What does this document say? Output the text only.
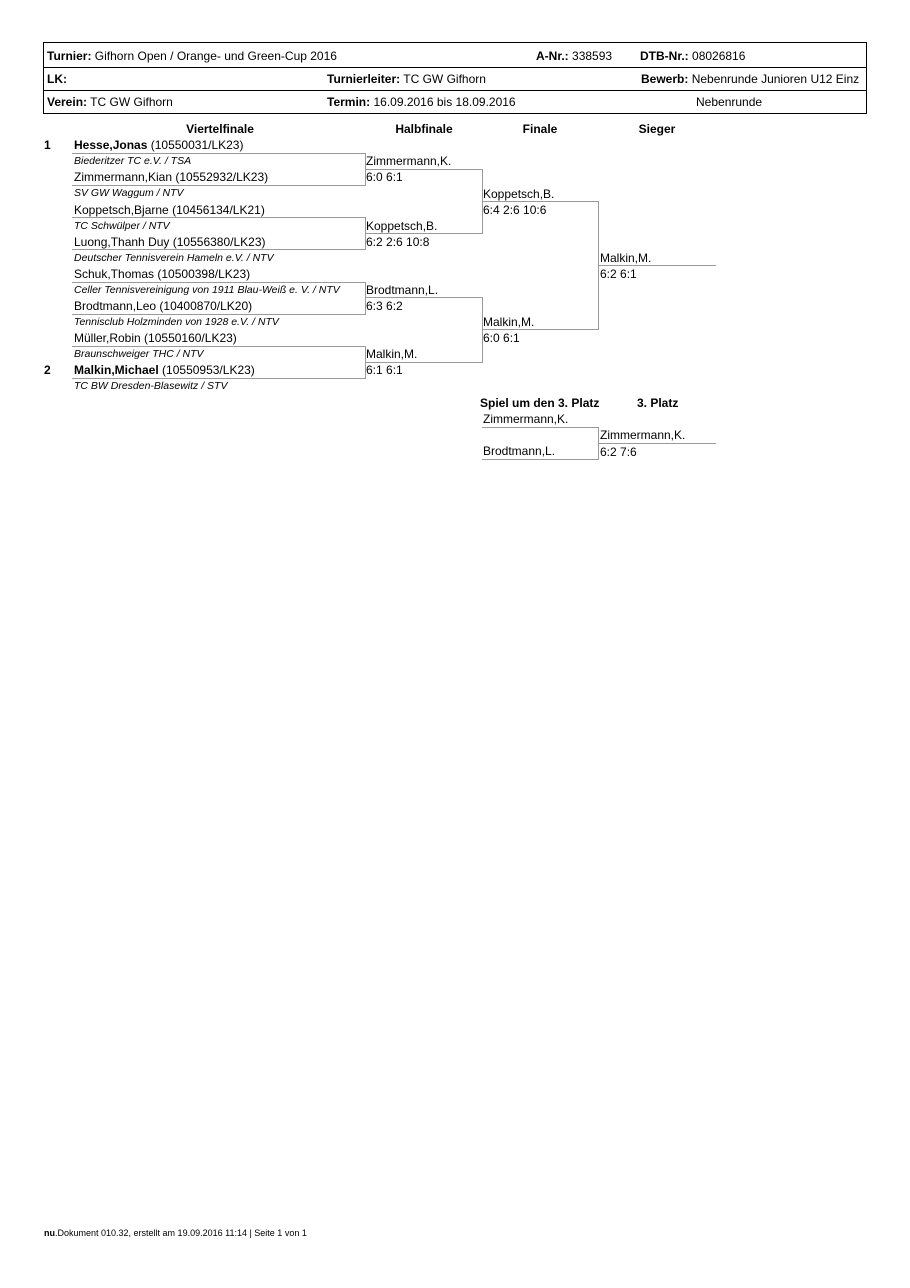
Turnier: Gifhorn Open / Orange- und Green-Cup 2016	A-Nr.: 338593 DTB-Nr.: 08026816
LK:	Turnierleiter: TC GW Gifhorn	Bewerb: Nebenrunde Junioren U12 Einz
Verein: TC GW Gifhorn	Termin: 16.09.2016 bis 18.09.2016	Nebenrunde
Viertelfinale	Halbfinale	Finale	Sieger
1 Hesse,Jonas (10550031/LK23)
Biederitzer TC e.V. / TSA
Zimmermann,Kian (10552932/LK23)
SV GW Waggum / NTV
Koppetsch,Bjarne (10456134/LK21)
TC Schwülper / NTV
Luong,Thanh Duy (10556380/LK23)
Deutscher Tennisverein Hameln e.V. / NTV
Schuk,Thomas (10500398/LK23)
Celler Tennisvereinigung von 1911 Blau-Weiß e. V. / NTV
Brodtmann,Leo (10400870/LK20)
Tennisclub Holzminden von 1928 e.V. / NTV
Müller,Robin (10550160/LK23)
Braunschweiger THC / NTV
2 Malkin,Michael (10550953/LK23)
TC BW Dresden-Blasewitz / STV
Zimmermann,K.
6:0 6:1
Koppetsch,B.
6:2 2:6 10:8
Brodtmann,L.
6:3 6:2
Malkin,M.
6:1 6:1
Koppetsch,B.
6:4 2:6 10:6
Malkin,M.
6:0 6:1
Malkin,M.
6:2 6:1
Spiel um den 3. Platz	3. Platz
Zimmermann,K.
Brodtmann,L.
Zimmermann,K.
6:2 7:6
nu.Dokument 010.32, erstellt am 19.09.2016 11:14 | Seite 1 von 1
